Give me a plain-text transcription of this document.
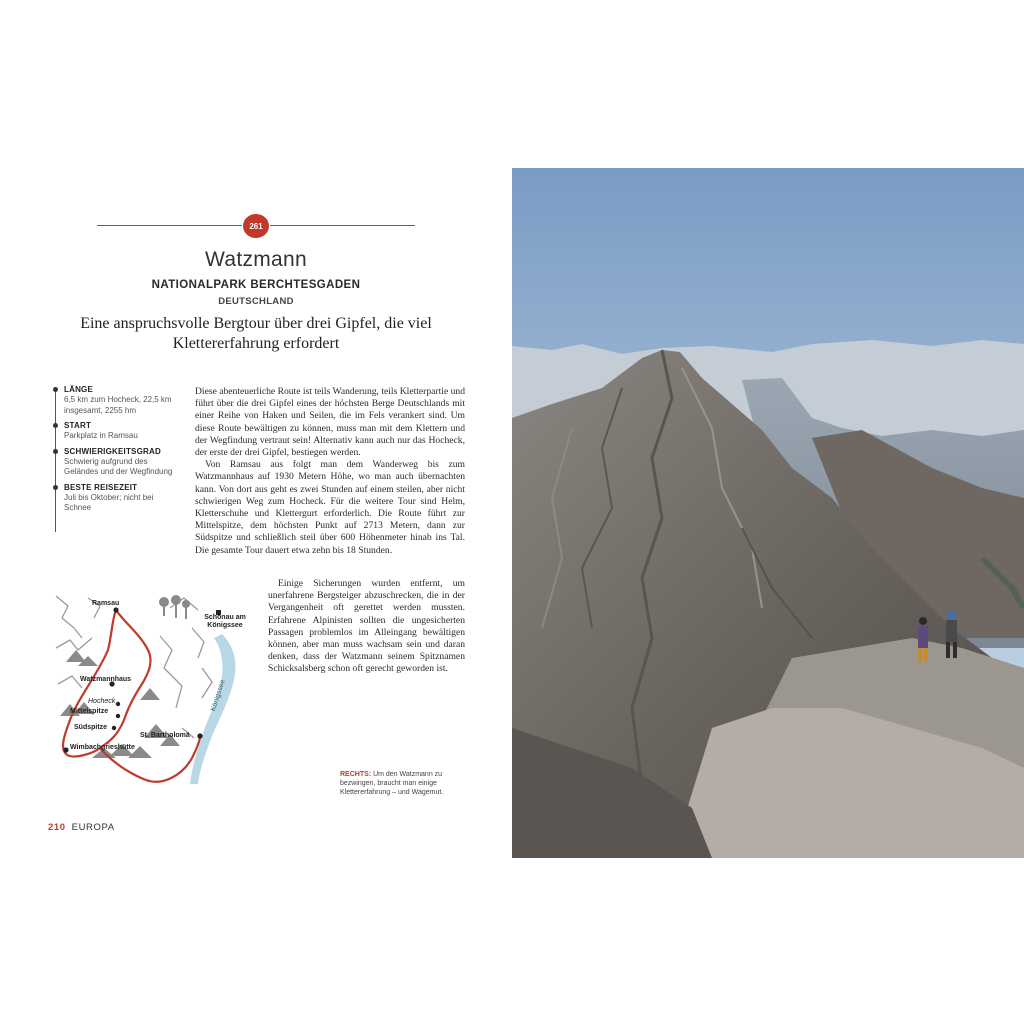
261
Watzmann
NATIONALPARK BERCHTESGADEN
DEUTSCHLAND
Eine anspruchsvolle Bergtour über drei Gipfel, die viel Klettererfahrung erfordert
LÄNGE
6,5 km zum Hocheck, 22,5 km insgesamt, 2255 hm
START
Parkplatz in Ramsau
SCHWIERIGKEITSGRAD
Schwierig aufgrund des Geländes und der Wegfindung
BESTE REISEZEIT
Juli bis Oktober; nicht bei Schnee

Diese abenteuerliche Route ist teils Wanderung, teils Kletterpartie und führt über die drei Gipfel eines der höchsten Berge Deutschlands mit einer Reihe von Haken und Seilen, die im Fels verankert sind. Um diese Route bewältigen zu können, muss man mit dem Klettern und der Wegfindung vertraut sein! Alternativ kann auch nur das Hocheck, der erste der drei Gipfel, bestiegen werden.

Von Ramsau aus folgt man dem Wanderweg bis zum Watzmannhaus auf 1930 Metern Höhe, wo man auch übernachten kann. Von dort aus geht es zwei Stunden auf einem steilen, aber nicht schwierigen Weg zum Hocheck. Für die weitere Tour sind Helm, Kletterschuhe und Klettergurt erforderlich. Die Route führt zur Mittelspitze, dem höchsten Punkt auf 2713 Metern, dann zur Südspitze und schließlich steil über 600 Höhenmeter hinab ins Tal. Die gesamte Tour dauert etwa zehn bis 18 Stunden.

Einige Sicherungen wurden entfernt, um unerfahrene Bergsteiger abzuschrecken, die in der Vergangenheit oft gerettet werden mussten. Erfahrene Alpinisten sollten die ungesicherten Passagen problemlos im Alleingang bewältigen können, aber man muss wachsam sein und daran denken, dass der Watzmann seinem Spitznamen Schicksalsberg schon oft gerecht geworden ist.
Ramsau
Schönau am Königssee
Watzmannhaus
Hocheck
Mittelspitze
Südspitze
Wimbachgrieshütte
St. Bartholomä
Königssee
RECHTS: Um den Watzmann zu bezwingen, braucht man einige Klettererfahrung – und Wagemut.
210 EUROPA
